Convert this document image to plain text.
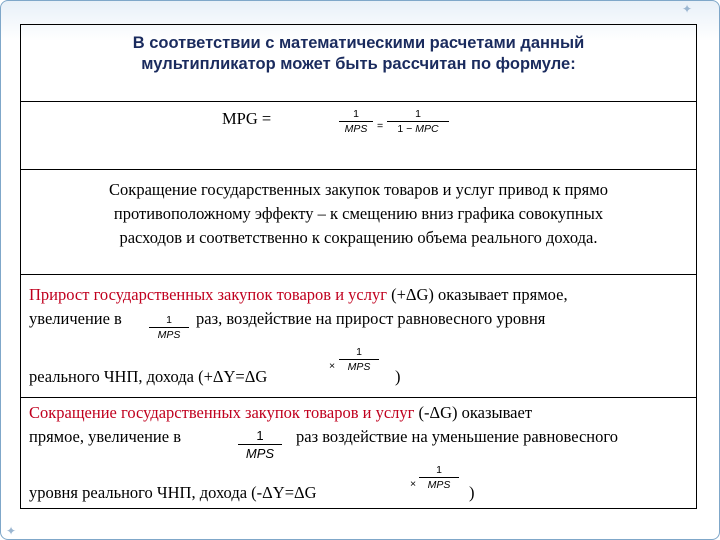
✦
✦
В соответствии с математическими расчетами данный
мультипликатор может быть рассчитан по формуле:
MPG =	1
MPS =
1
1 − MPC
Сокращение государственных закупок товаров и услуг привод к прямо
противоположному эффекту – к смещению вниз графика совокупных
расходов и соответственно к сокращению объема реального дохода.
Прирост государственных закупок товаров и услуг (+ΔG) оказывает прямое,
увеличение в	1
MPS
раз, воздействие на прирост равновесного уровня
реального ЧНП, дохода (+ΔY=ΔG
×
1
MPS	)
Сокращение государственных закупок товаров и услуг (-ΔG) оказывает
прямое, увеличение в	1
MPS
раз воздействие на уменьшение равновесного
уровня реального ЧНП, дохода (-ΔY=ΔG	×
1
MPS	)
